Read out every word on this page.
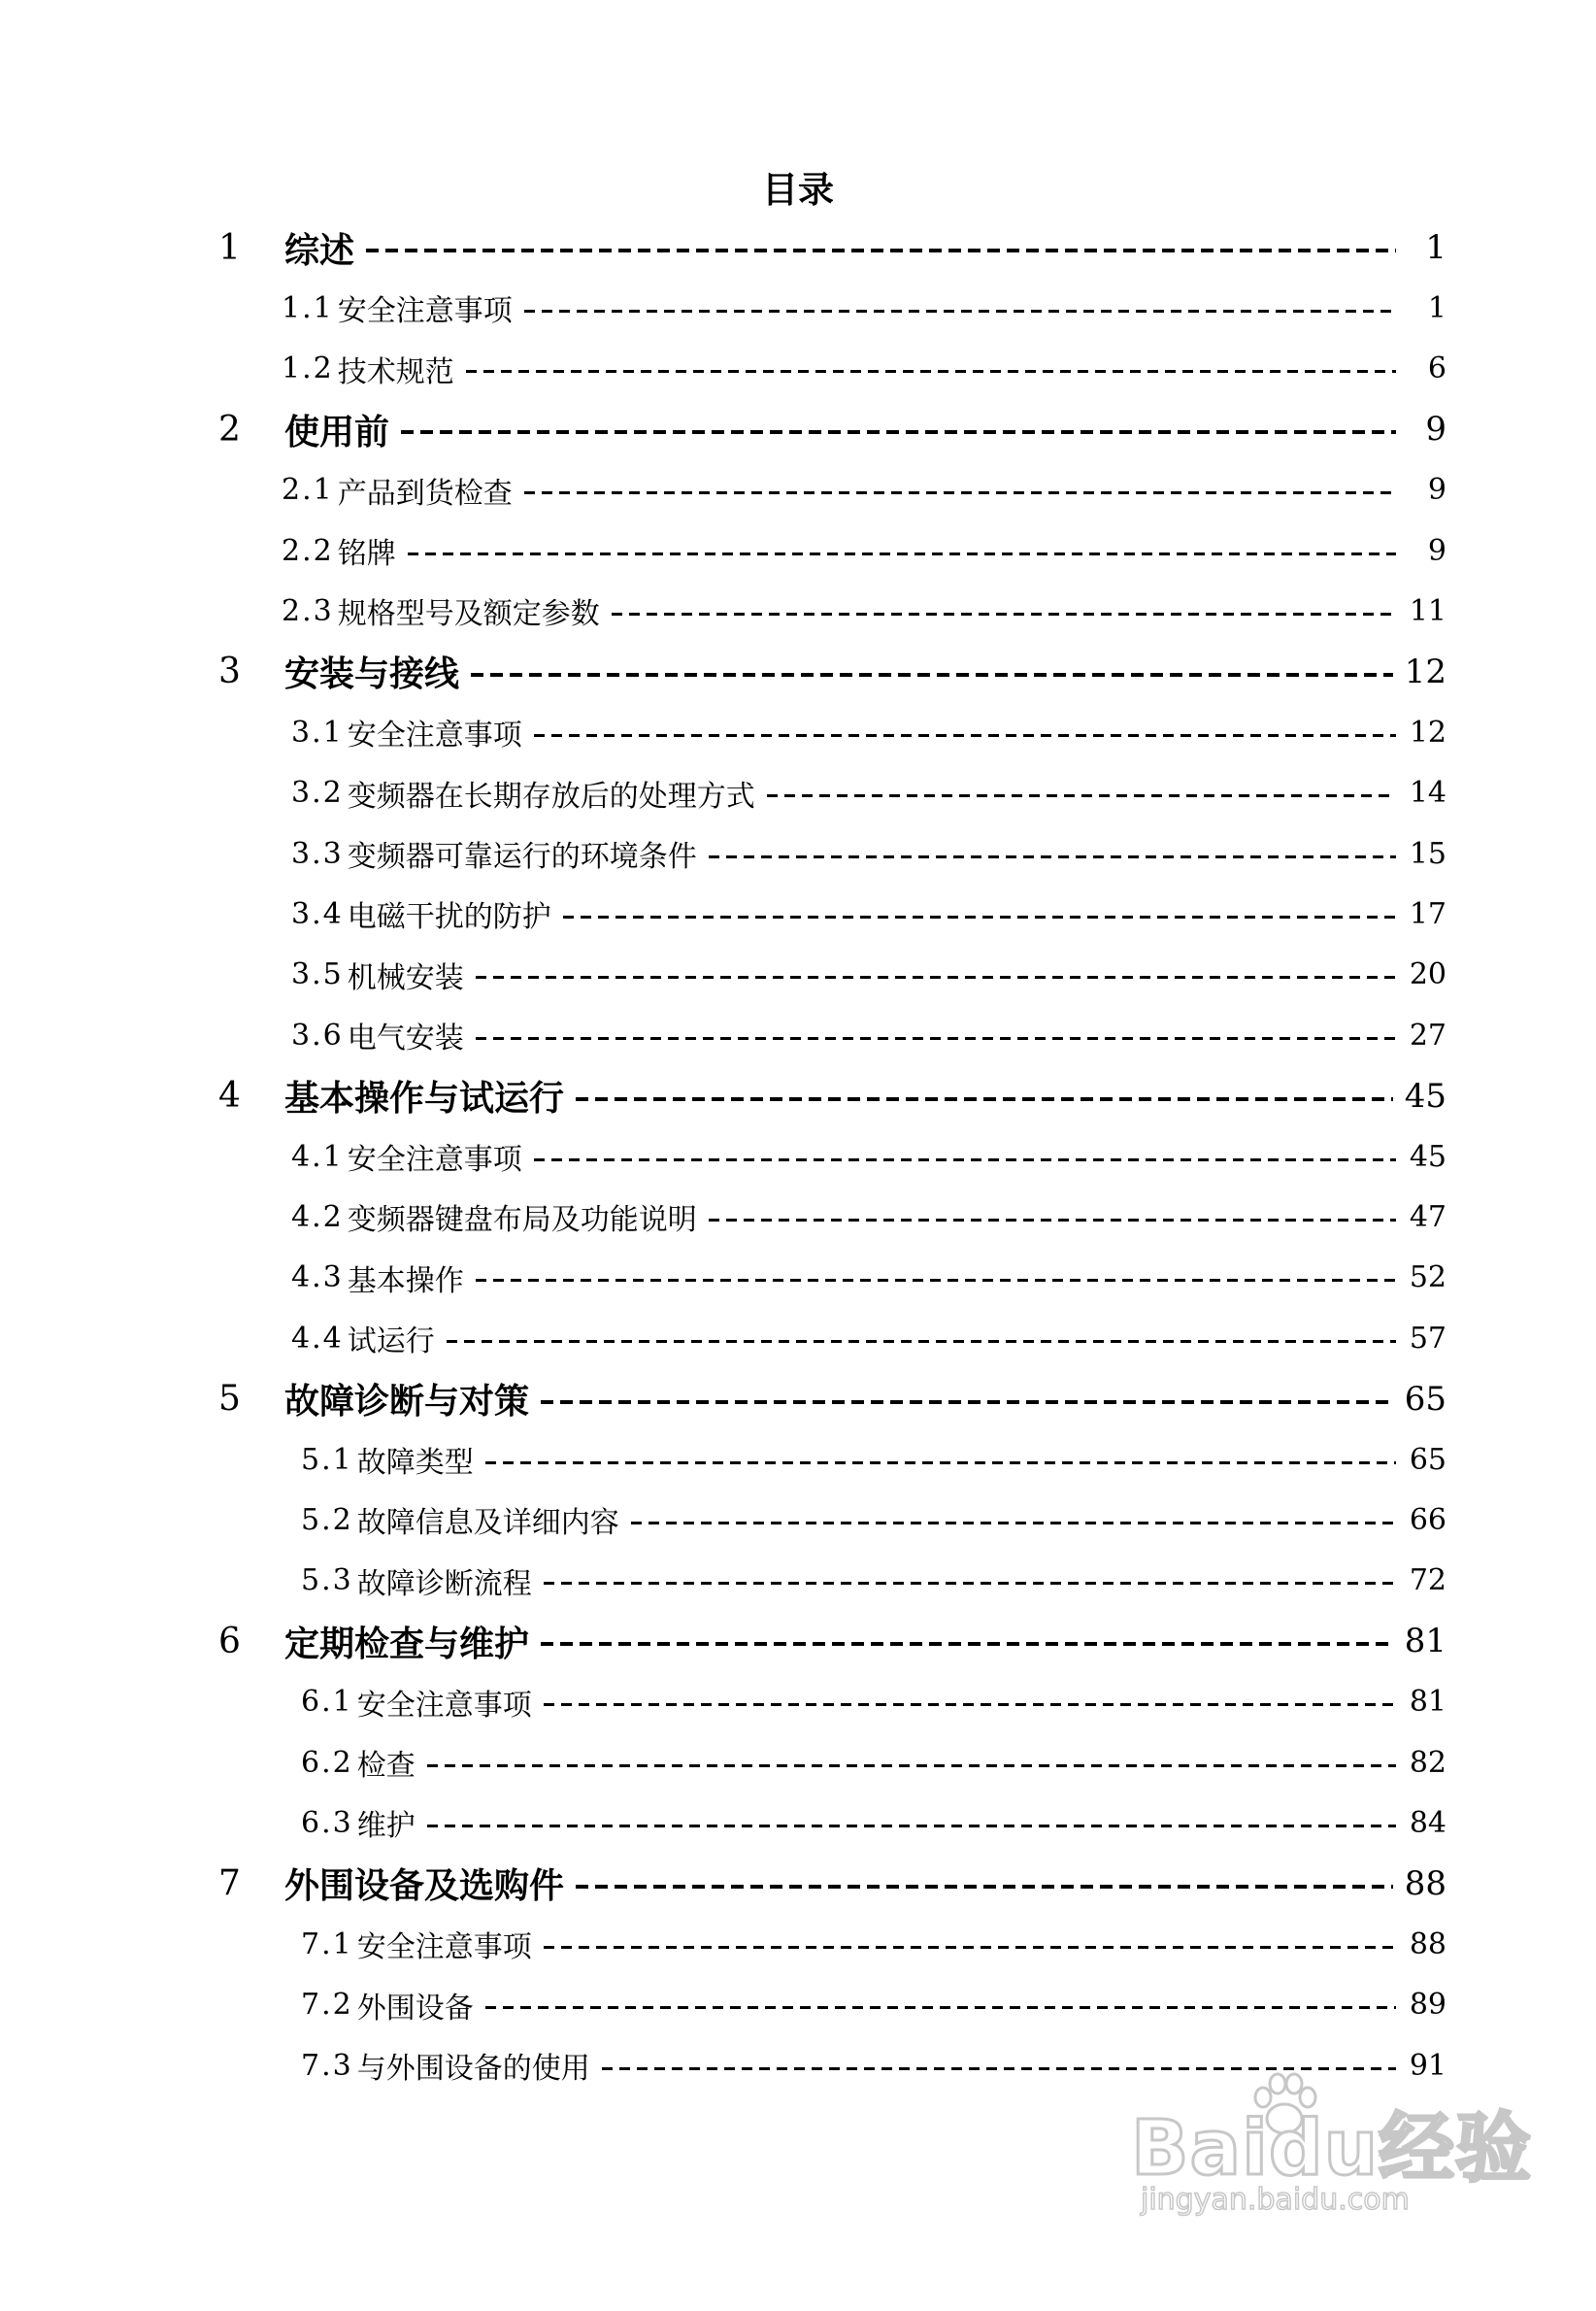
目录
1	综述	1
1.1 安全注意事项	1
1.2 技术规范	6
2	使用前	9
2.1 产品到货检查	9
2.2 铭牌	9
2.3 规格型号及额定参数	11
3	安装与接线	12
3.1 安全注意事项	12
3.2 变频器在长期存放后的处理方式	14
3.3 变频器可靠运行的环境条件	15
3.4 电磁干扰的防护	17
3.5 机械安装	20
3.6 电气安装	27
4	基本操作与试运行	45
4.1 安全注意事项	45
4.2 变频器键盘布局及功能说明	47
4.3 基本操作	52
4.4 试运行	57
5	故障诊断与对策	65
5.1 故障类型	65
5.2 故障信息及详细内容	66
5.3 故障诊断流程	72
6	定期检查与维护	81
6.1 安全注意事项	81
6.2 检查	82
6.3 维护	84
7	外围设备及选购件	88
7.1 安全注意事项	88
7.2 外围设备	89
7.3 与外围设备的使用	91
Baidu经验
jingyan.baidu.com
